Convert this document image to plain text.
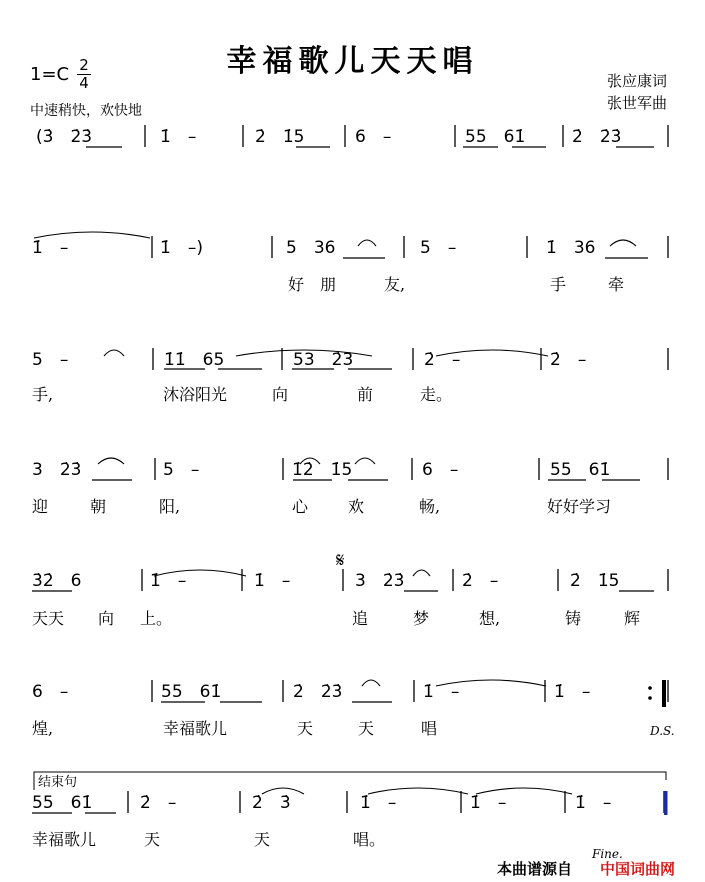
幸福歌儿天天唱
1=C 2
4
中速稍快，欢快地
张应康词
张世军曲
(3̇ 2̇3̇	1̇ –	2̇ 1̇5	6 –	55 61̇	2̇ 2̇3̇
1̇ –	1̇ –)	5 36	5 –	1̇ 36
好 朋	友,	手	牵
5 –	1̇1̇ 65	53 2̇3̇	2̇ –	2̇ –
手,	沐浴阳光	向	前	走。
3 2̇3̇	5 –	1̇2̇ 1̇5	6 –	55 61̇
迎	朝	阳,	心 欢	畅,	好好学习
3̇2̇ 6	1̇ –	1̇ –	3 2̇3̇	2̇ –	2̇ 1̇5
天天 向 上。	追	梦	想,	铸	辉
6 –	55 61̇	2̇ 2̇3̇	1̇ –	1̇ –
煌,	幸福歌儿	天	天	唱
55 61̇	2̇ –	2̇ 3̇	1̇ –	1̇ –	1̇ –
幸福歌儿	天	天	唱。
结束句
𝄋
D.S.
Fine.
本曲谱源自 中国词曲网
